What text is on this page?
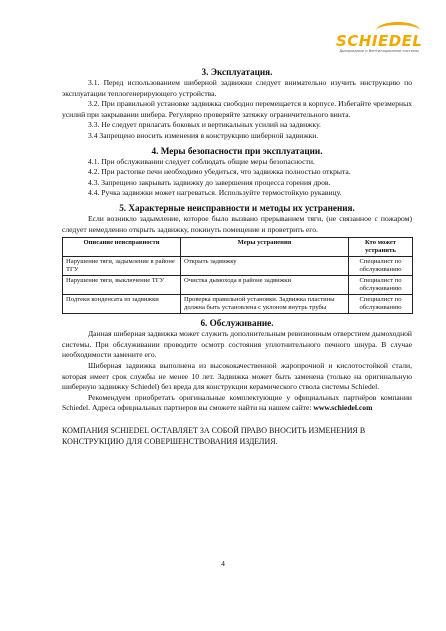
SCHIEDEL
Дымоходные и Вентиляционные системы
3. Эксплуатация.

3.1. Перед использованием шиберной задвижки следует внимательно изучить инструкцию по эксплуатации теплогенерирующего устройства.

3.2. При правильной установке задвижка свободно перемещается в корпусе. Избегайте чрезмерных усилий при закрывании шибера. Регулярно проверяйте затяжку ограничительного винта.

3.3. Не следует прилагать боковых и вертикальных усилий на задвижку.

3.4 Запрещено вносить изменения в конструкцию шиберной задвижки.

4. Меры безопасности при эксплуатации.

4.1. При обслуживании следует соблюдать общие меры безопасности.

4.2. При растопке печи необходимо убедиться, что задвижка полностью открыта.

4.3. Запрещено закрывать задвижку до завершения процесса горения дров.

4.4. Ручка задвижки может нагреваться. Используйте термостойкую рукавицу.

5. Характерные неисправности и методы их устранения.

Если возникло задымление, которое было вызвано прерыванием тяги, (не связанное с пожаром) следует немедленно открыть задвижку, покинуть помещение и проветрить его.

Описание неисправности	Меры устранения	Кто может устранить
Нарушение тяги, задымление в районе ТГУ	Открыть задвижку	Специалист по обслуживанию
Нарушение тяги, выключение ТГУ	Очистка дымохода в районе задвижки	Специалист по обслуживанию
Подтеки конденсата из задвижки	Проверка правильной установки. Задвижка пластины должна быть установлена с уклоном внутрь трубы	Специалист по обслуживанию
6. Обслуживание.

Данная шиберная задвижка может служить дополнительным ревизионным отверстием дымоходной системы. При обслуживании проводите осмотр состояния уплотнительного печного шнура. В случае необходимости замените его.

Шиберная задвижка выполнена из высококачественной жаропрочной и кислотостойкой стали, которая имеет срок службы не менее 10 лет. Задвижка может быть заменена (только на оригинальную шиберную задвижку Schiedel) без вреда для конструкции керамического ствола системы Schiedel.

Рекомендуем приобретать оригинальные комплектующие у официальных партнёров компании Schiedel. Адреса официальных партнеров вы сможете найти на нашем сайте: www.schiedel.com

КОМПАНИЯ SCHIEDEL ОСТАВЛЯЕТ ЗА СОБОЙ ПРАВО ВНОСИТЬ ИЗМЕНЕНИЯ В КОНСТРУКЦИЮ ДЛЯ СОВЕРШЕНСТВОВАНИЯ ИЗДЕЛИЯ.

4
